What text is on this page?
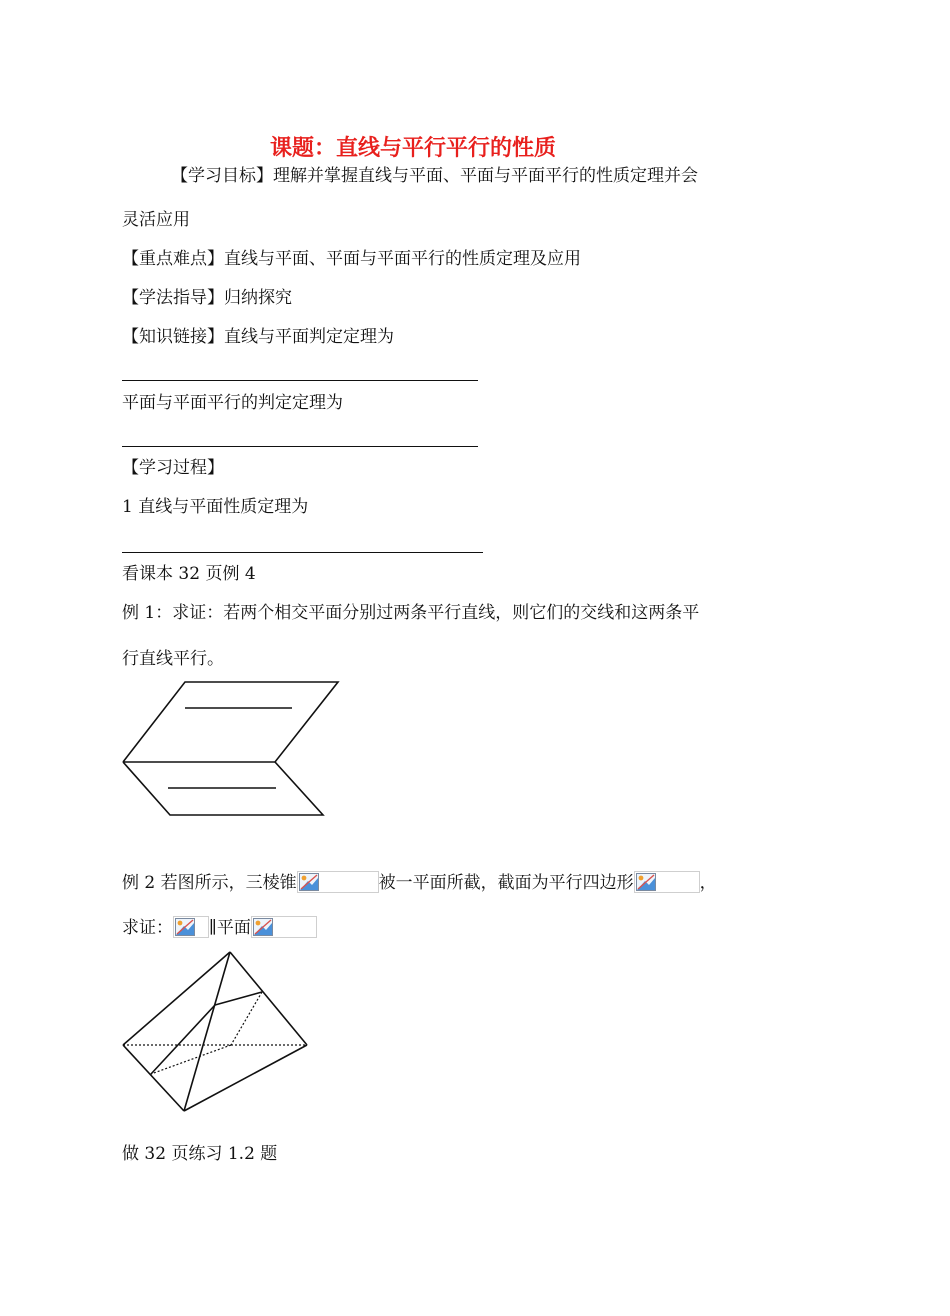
课题：直线与平行平行的性质
【学习目标】理解并掌握直线与平面、平面与平面平行的性质定理并会
灵活应用
【重点难点】直线与平面、平面与平面平行的性质定理及应用
【学法指导】归纳探究
【知识链接】直线与平面判定定理为
平面与平面平行的判定定理为
【学习过程】
1 直线与平面性质定理为
看课本 32 页例 4
例 1：求证：若两个相交平面分别过两条平行直线，则它们的交线和这两条平
行直线平行。
例 2 若图所示，三棱锥	被一平面所截，截面为平行四边形	，
求证： ∥平面
做 32 页练习 1.2 题
